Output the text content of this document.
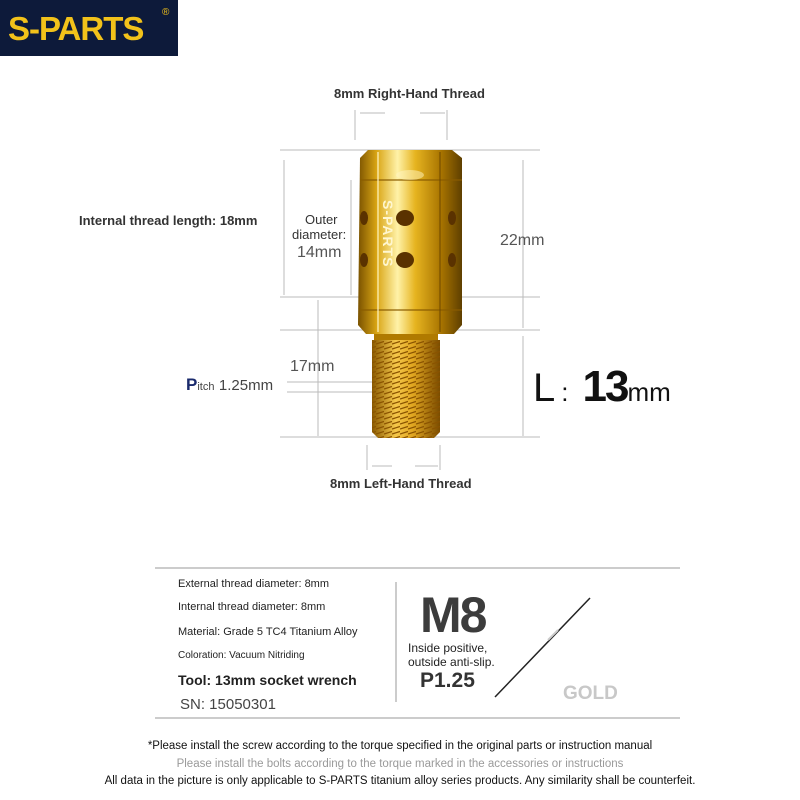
S-PARTS ®
S-PARTS
8mm Right-Hand Thread
Internal thread length: 18mm	Outer
diameter:
14mm
22mm
17mm
Pitch 1.25mm	L : 13mm
8mm Left-Hand Thread
External thread diameter: 8mm
Internal thread diameter: 8mm
Material: Grade 5 TC4 Titanium Alloy
Coloration: Vacuum Nitriding
Tool: 13mm socket wrench
SN: 15050301
M8
Inside positive,
outside anti-slip.
P1.25
GOLD
*Please install the screw according to the torque specified in the original parts or instruction manual
Please install the bolts according to the torque marked in the accessories or instructions
All data in the picture is only applicable to S-PARTS titanium alloy series products. Any similarity shall be counterfeit.
